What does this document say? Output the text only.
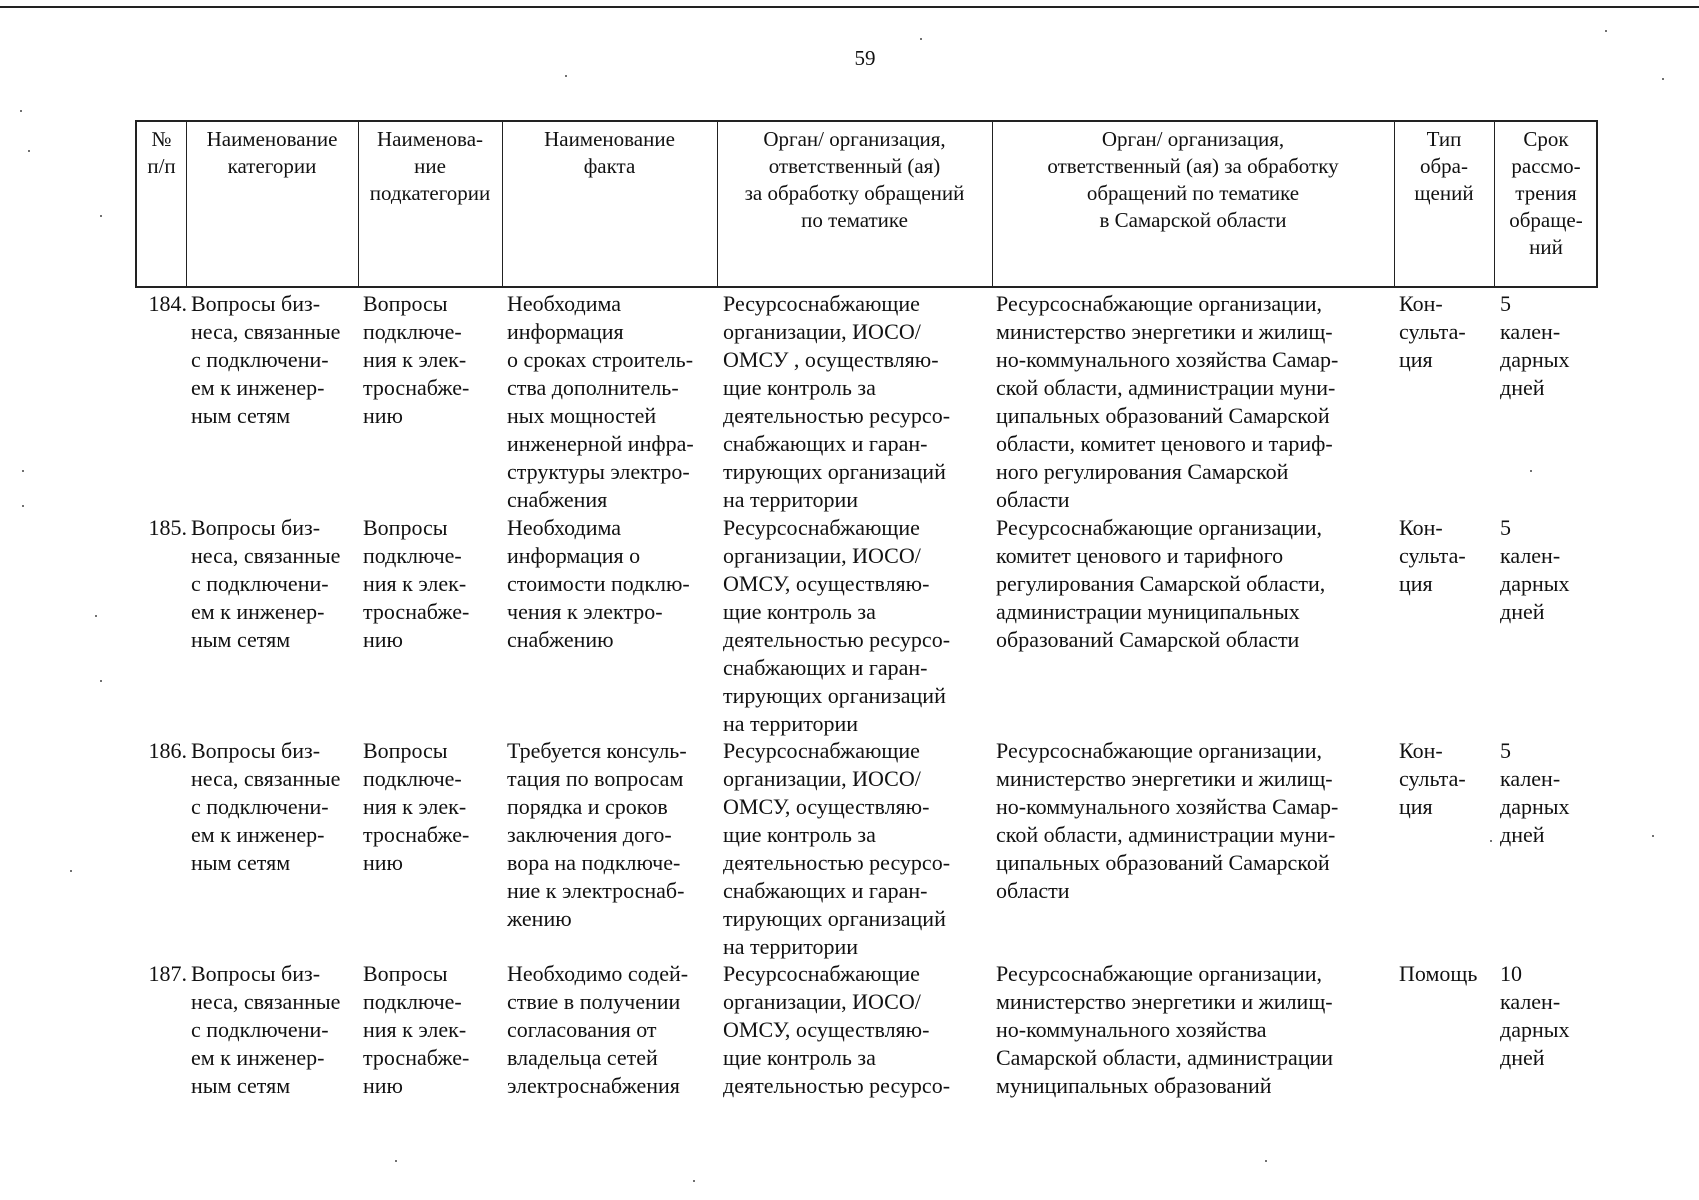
59
№
п/п
Наименование
категории
Наименова-
ние
подкатегории
Наименование
факта
Орган/ организация,
ответственный (ая)
за обработку обращений
по тематике
Орган/ организация,
ответственный (ая) за обработку
обращений по тематике
в Самарской области
Тип
обра-
щений
Срок
рассмо-
трения
обраще-
ний
184. Вопросы биз-
неса, связанные
с подключени-
ем к инженер-
ным сетям
Вопросы
подключе-
ния к элек-
троснабже-
нию
Необходима
информация
о сроках строитель-
ства дополнитель-
ных мощностей
инженерной инфра-
структуры электро-
снабжения
Ресурсоснабжающие
организации, ИОСО/
ОМСУ , осуществляю-
щие контроль за
деятельностью ресурсо-
снабжающих и гаран-
тирующих организаций
на территории
Ресурсоснабжающие организации,
министерство энергетики и жилищ-
но-коммунального хозяйства Самар-
ской области, администрации муни-
ципальных образований Самарской
области, комитет ценового и тариф-
ного регулирования Самарской
области
Кон-
сульта-
ция
5
кален-
дарных
дней
185. Вопросы биз-
неса, связанные
с подключени-
ем к инженер-
ным сетям
Вопросы
подключе-
ния к элек-
троснабже-
нию
Необходима
информация о
стоимости подклю-
чения к электро-
снабжению
Ресурсоснабжающие
организации, ИОСО/
ОМСУ, осуществляю-
щие контроль за
деятельностью ресурсо-
снабжающих и гаран-
тирующих организаций
на территории
Ресурсоснабжающие организации,
комитет ценового и тарифного
регулирования Самарской области,
администрации муниципальных
образований Самарской области
Кон-
сульта-
ция
5
кален-
дарных
дней
186. Вопросы биз-
неса, связанные
с подключени-
ем к инженер-
ным сетям
Вопросы
подключе-
ния к элек-
троснабже-
нию
Требуется консуль-
тация по вопросам
порядка и сроков
заключения дого-
вора на подключе-
ние к электроснаб-
жению
Ресурсоснабжающие
организации, ИОСО/
ОМСУ, осуществляю-
щие контроль за
деятельностью ресурсо-
снабжающих и гаран-
тирующих организаций
на территории
Ресурсоснабжающие организации,
министерство энергетики и жилищ-
но-коммунального хозяйства Самар-
ской области, администрации муни-
ципальных образований Самарской
области
Кон-
сульта-
ция
5
кален-
дарных
дней
187. Вопросы биз-
неса, связанные
с подключени-
ем к инженер-
ным сетям
Вопросы
подключе-
ния к элек-
троснабже-
нию
Необходимо содей-
ствие в получении
согласования от
владельца сетей
электроснабжения
Ресурсоснабжающие
организации, ИОСО/
ОМСУ, осуществляю-
щие контроль за
деятельностью ресурсо-
Ресурсоснабжающие организации,
министерство энергетики и жилищ-
но-коммунального хозяйства
Самарской области, администрации
муниципальных образований
Помощь 10
кален-
дарных
дней
